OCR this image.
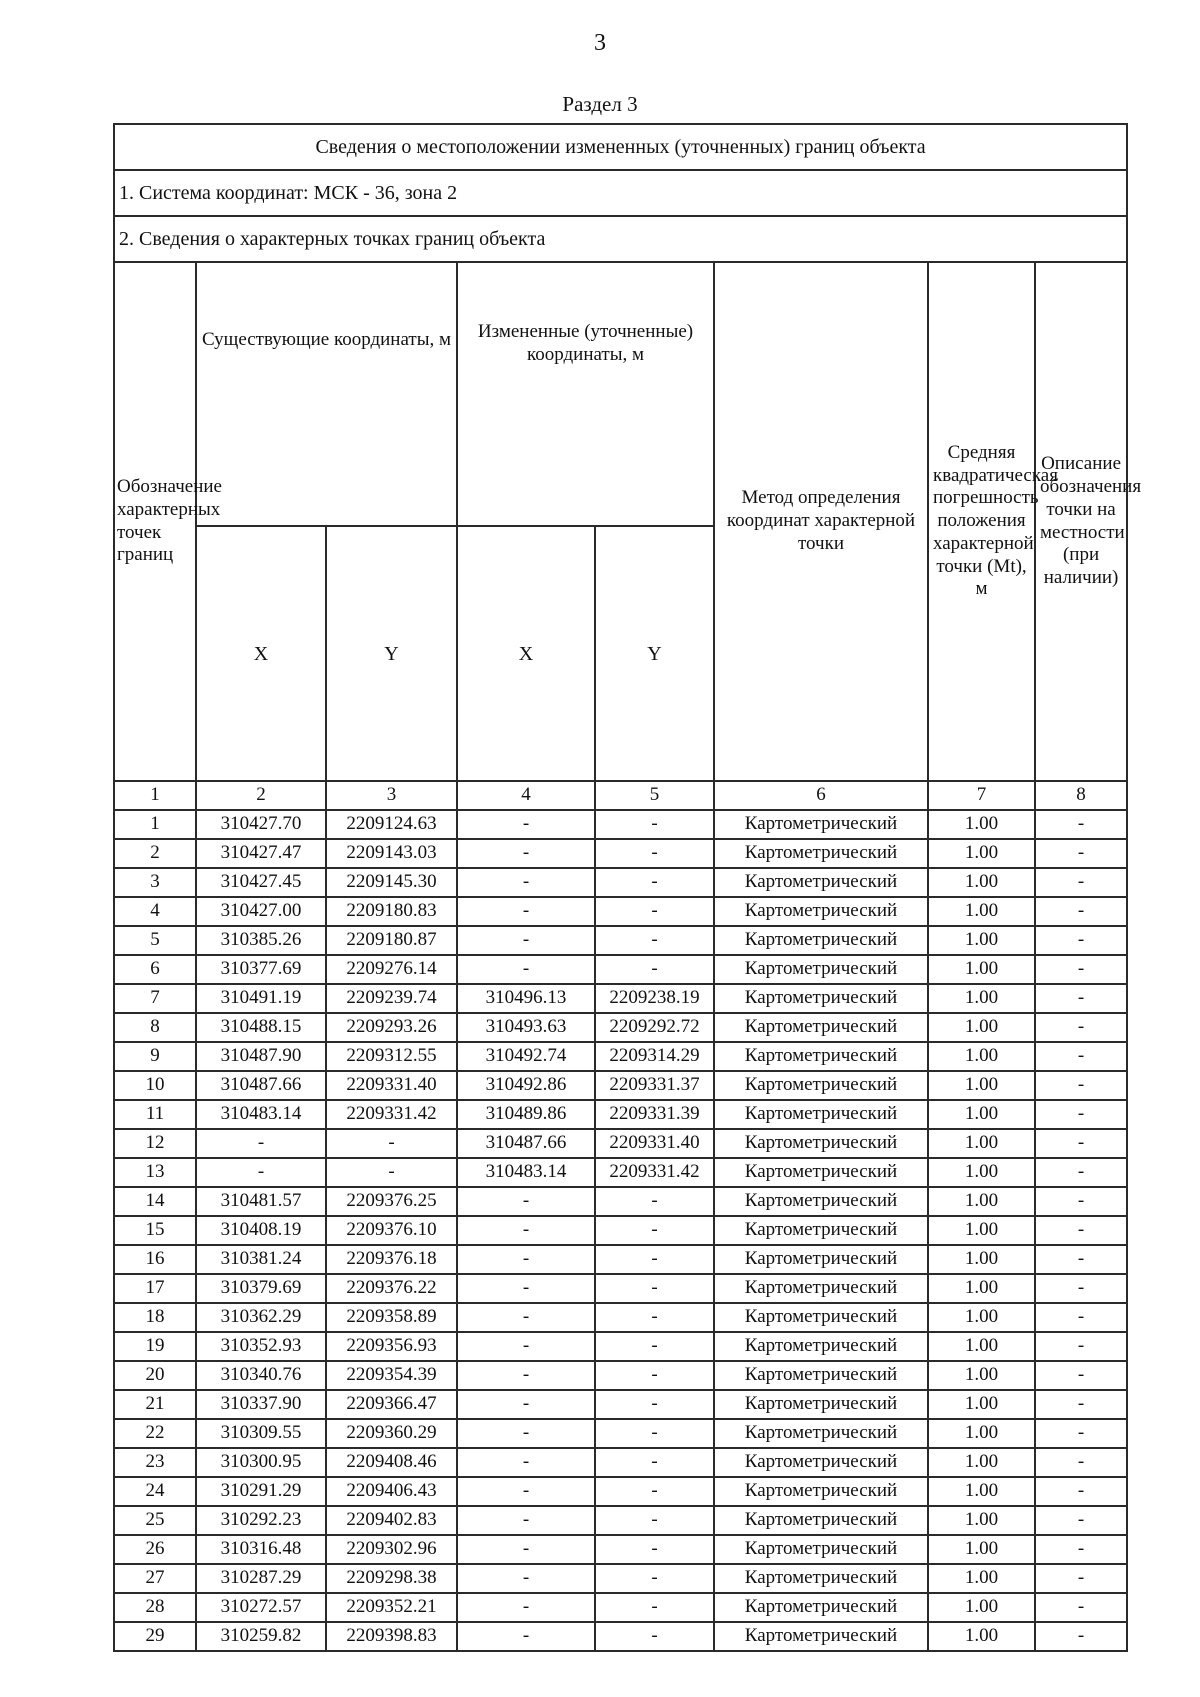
3
Раздел 3
Сведения о местоположении измененных (уточненных) границ объекта							
1. Система координат: МСК - 36, зона 2							
2. Сведения о характерных точках границ объекта							
Обозначение характерных точек границ	Существующие координаты, м		Измененные (уточненные) координаты, м		Метод определения координат характерной точки	Средняя квадратическая погрешность положения характерной точки (Mt), м	Описание обозначения точки на местности (при наличии)
	X	Y	X	Y			
1	2	3	4	5	6	7	8
1	310427.70	2209124.63	-	-	Картометрический	1.00	-
2	310427.47	2209143.03	-	-	Картометрический	1.00	-
3	310427.45	2209145.30	-	-	Картометрический	1.00	-
4	310427.00	2209180.83	-	-	Картометрический	1.00	-
5	310385.26	2209180.87	-	-	Картометрический	1.00	-
6	310377.69	2209276.14	-	-	Картометрический	1.00	-
7	310491.19	2209239.74	310496.13	2209238.19	Картометрический	1.00	-
8	310488.15	2209293.26	310493.63	2209292.72	Картометрический	1.00	-
9	310487.90	2209312.55	310492.74	2209314.29	Картометрический	1.00	-
10	310487.66	2209331.40	310492.86	2209331.37	Картометрический	1.00	-
11	310483.14	2209331.42	310489.86	2209331.39	Картометрический	1.00	-
12	-	-	310487.66	2209331.40	Картометрический	1.00	-
13	-	-	310483.14	2209331.42	Картометрический	1.00	-
14	310481.57	2209376.25	-	-	Картометрический	1.00	-
15	310408.19	2209376.10	-	-	Картометрический	1.00	-
16	310381.24	2209376.18	-	-	Картометрический	1.00	-
17	310379.69	2209376.22	-	-	Картометрический	1.00	-
18	310362.29	2209358.89	-	-	Картометрический	1.00	-
19	310352.93	2209356.93	-	-	Картометрический	1.00	-
20	310340.76	2209354.39	-	-	Картометрический	1.00	-
21	310337.90	2209366.47	-	-	Картометрический	1.00	-
22	310309.55	2209360.29	-	-	Картометрический	1.00	-
23	310300.95	2209408.46	-	-	Картометрический	1.00	-
24	310291.29	2209406.43	-	-	Картометрический	1.00	-
25	310292.23	2209402.83	-	-	Картометрический	1.00	-
26	310316.48	2209302.96	-	-	Картометрический	1.00	-
27	310287.29	2209298.38	-	-	Картометрический	1.00	-
28	310272.57	2209352.21	-	-	Картометрический	1.00	-
29	310259.82	2209398.83	-	-	Картометрический	1.00	-
